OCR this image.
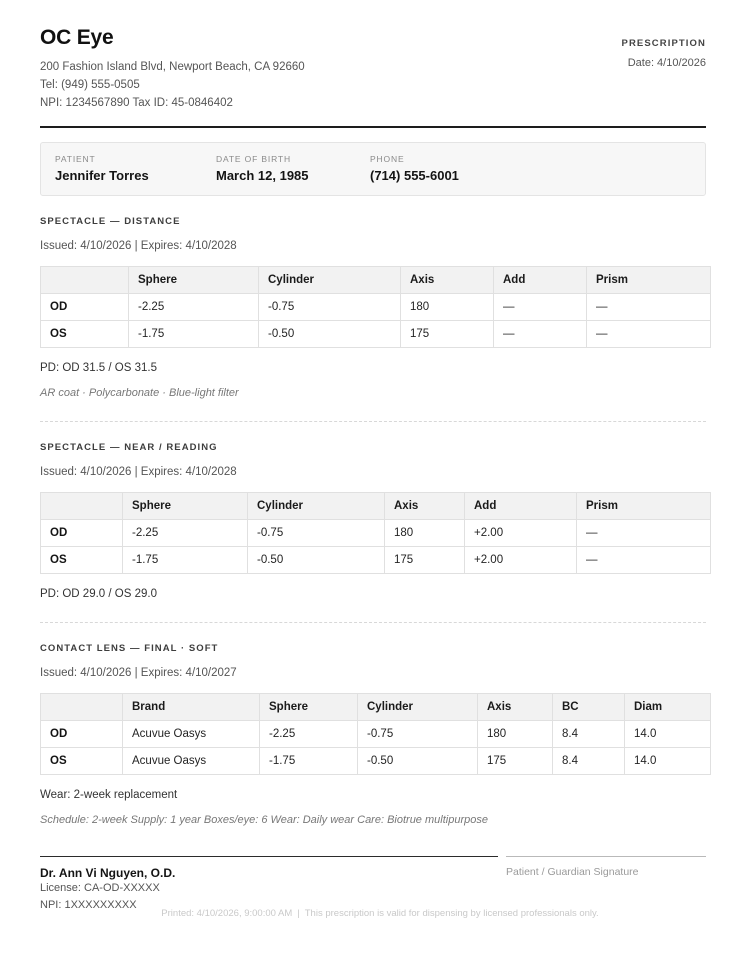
OC Eye
200 Fashion Island Blvd, Newport Beach, CA 92660
Tel: (949) 555-0505
NPI: 1234567890 Tax ID: 45-0846402
PRESCRIPTION
Date: 4/10/2026
PATIENT
Jennifer Torres
DATE OF BIRTH
March 12, 1985
PHONE
(714) 555-6001
SPECTACLE — DISTANCE
Issued: 4/10/2026 | Expires: 4/10/2028
	Sphere	Cylinder	Axis	Add	Prism
OD	-2.25	-0.75	180	—	—
OS	-1.75	-0.50	175	—	—
PD: OD 31.5 / OS 31.5
AR coat · Polycarbonate · Blue-light filter
SPECTACLE — NEAR / READING
Issued: 4/10/2026 | Expires: 4/10/2028
	Sphere	Cylinder	Axis	Add	Prism
OD	-2.25	-0.75	180	+2.00	—
OS	-1.75	-0.50	175	+2.00	—
PD: OD 29.0 / OS 29.0
CONTACT LENS — FINAL · SOFT
Issued: 4/10/2026 | Expires: 4/10/2027
	Brand	Sphere	Cylinder	Axis	BC	Diam
OD	Acuvue Oasys	-2.25	-0.75	180	8.4	14.0
OS	Acuvue Oasys	-1.75	-0.50	175	8.4	14.0
Wear: 2-week replacement
Schedule: 2-week Supply: 1 year Boxes/eye: 6 Wear: Daily wear Care: Biotrue multipurpose
Dr. Ann Vi Nguyen, O.D.
License: CA-OD-XXXXX
NPI: 1XXXXXXXXX
Patient / Guardian Signature
Printed: 4/10/2026, 9:00:00 AM | This prescription is valid for dispensing by licensed professionals only.
